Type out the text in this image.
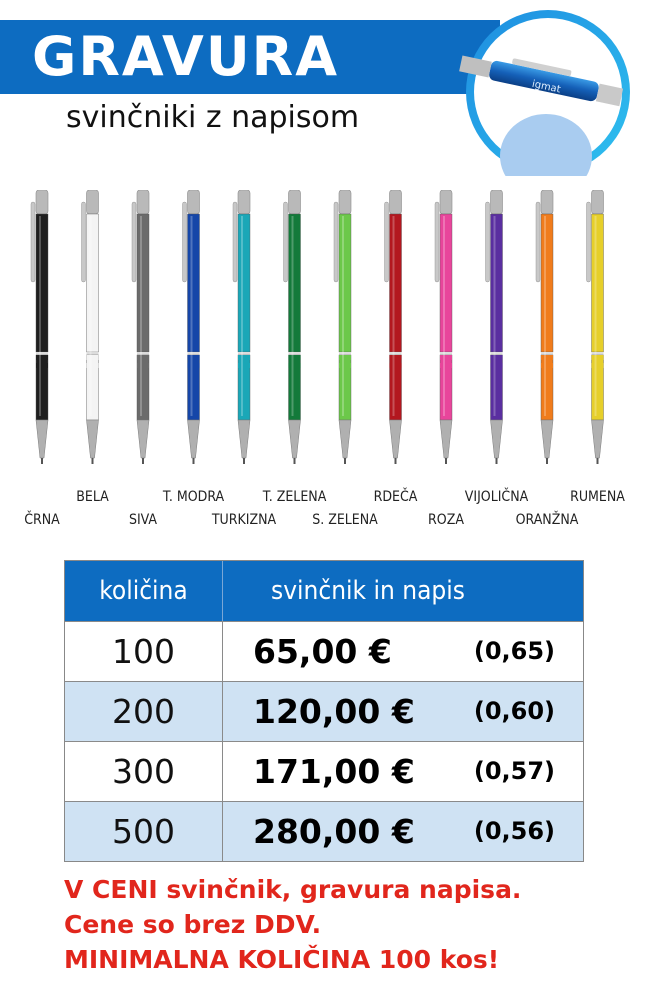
GRAVURA
svinčniki z napisom
igmat
ČRNA
BELA
SIVA
T. MODRA
TURKIZNA
T. ZELENA
S. ZELENA
RDEČA
ROZA
VIJOLIČNA
ORANŽNA
RUMENA
količina	svinčnik in napis
100	65,00 €	(0,65)
200	120,00 € (0,60)
300	171,00 € (0,57)
500	280,00 € (0,56)
V CENI svinčnik, gravura napisa.
Cene so brez DDV.
MINIMALNA KOLIČINA 100 kos!
